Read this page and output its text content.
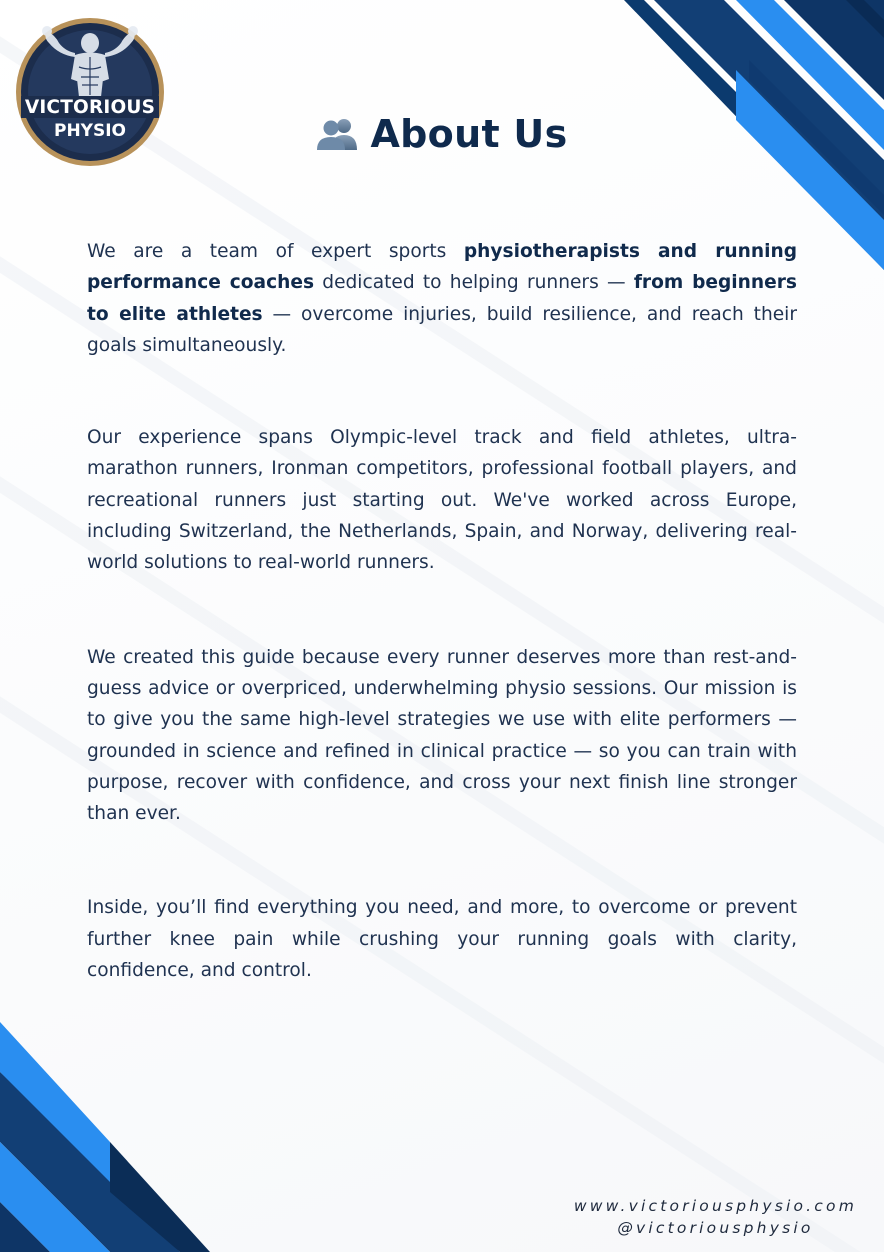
VICTORIOUS
PHYSIO	About Us

We are a team of expert sports physiotherapists and running performance coaches dedicated to helping runners — from beginners to elite athletes — overcome injuries, build resilience, and reach their goals simultaneously.

Our experience spans Olympic-level track and field athletes, ultra-marathon runners, Ironman competitors, professional football players, and recreational runners just starting out. We've worked across Europe, including Switzerland, the Netherlands, Spain, and Norway, delivering real-world solutions to real-world runners.

We created this guide because every runner deserves more than rest-and-guess advice or overpriced, underwhelming physio sessions. Our mission is to give you the same high-level strategies we use with elite performers — grounded in science and refined in clinical practice — so you can train with purpose, recover with confidence, and cross your next finish line stronger than ever.

Inside, you’ll find everything you need, and more, to overcome or prevent further knee pain while crushing your running goals with clarity, confidence, and control.

www.victoriousphysio.com
@victoriousphysio
